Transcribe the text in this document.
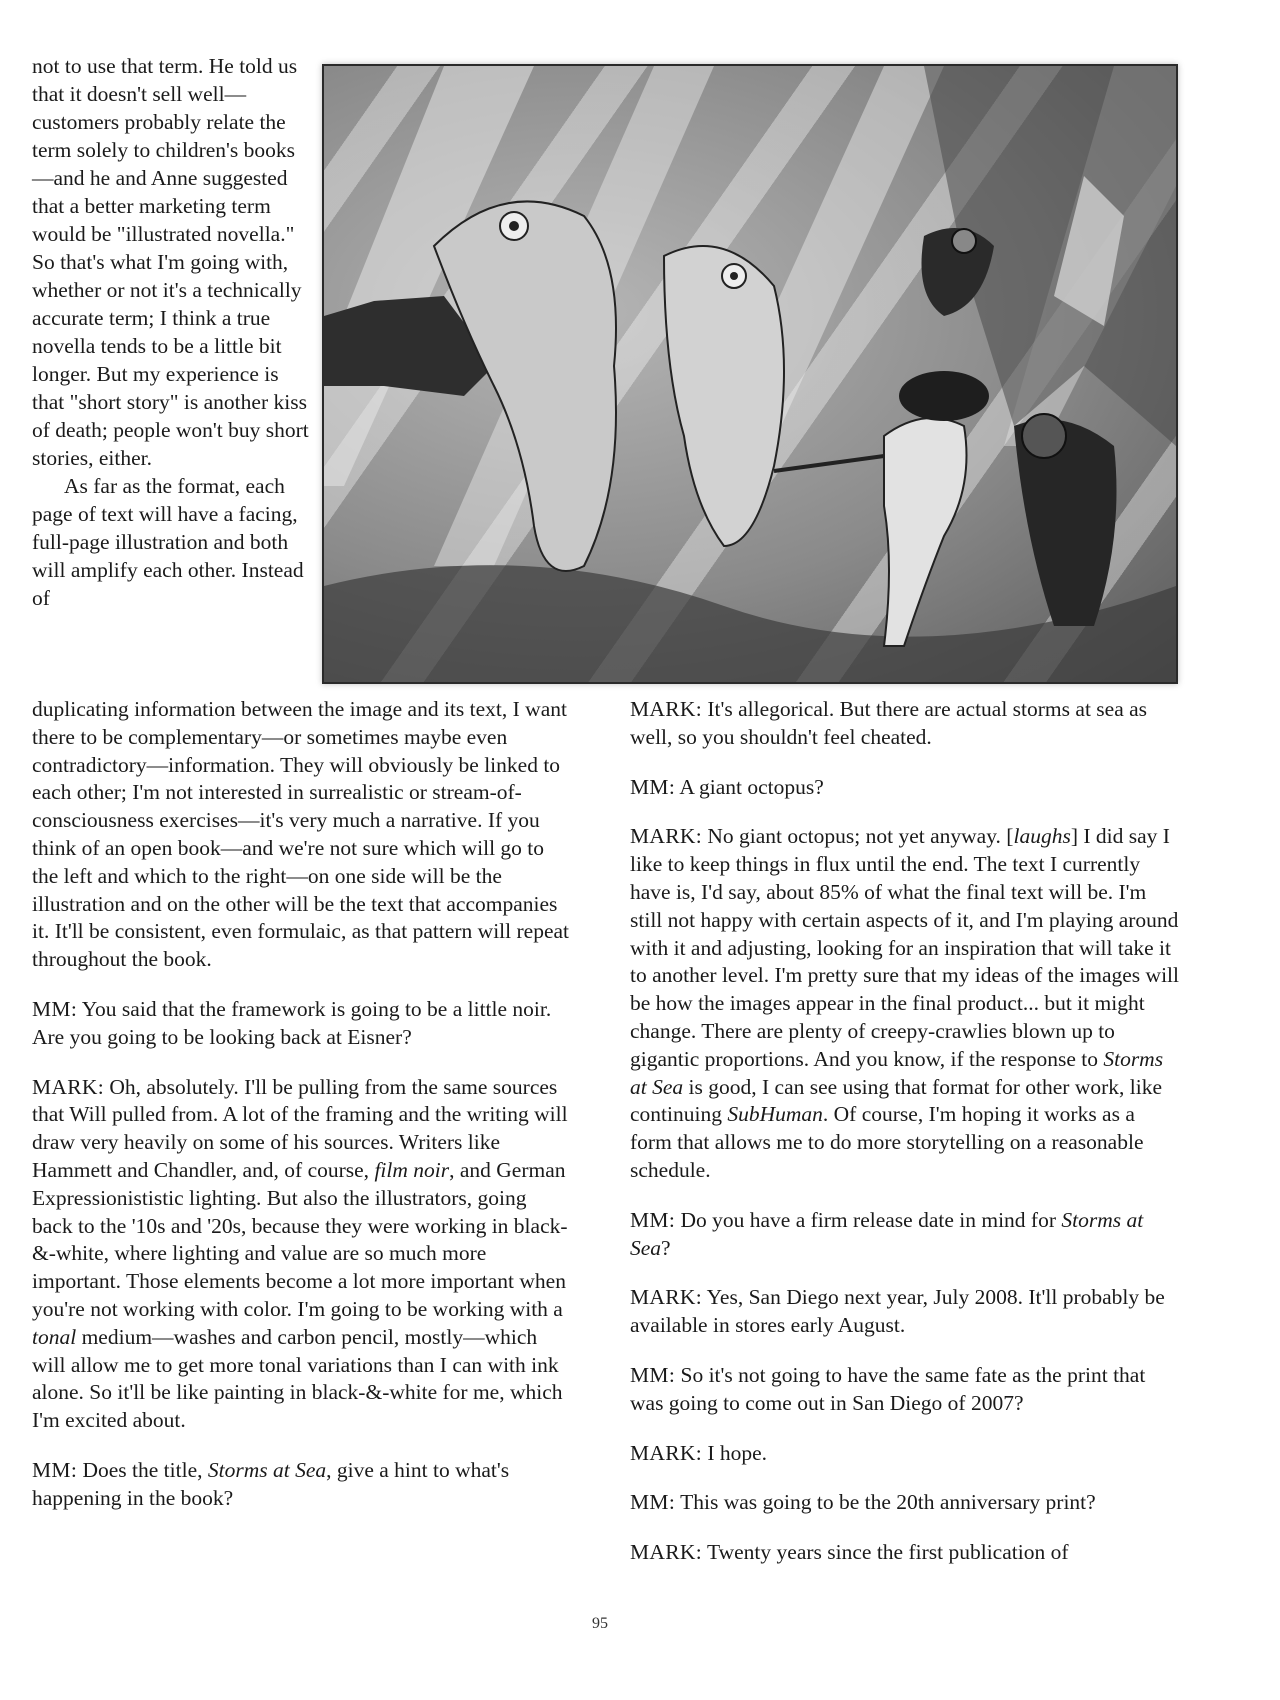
not to use that term. He told us that it doesn't sell well—customers probably relate the term solely to children's books—and he and Anne suggested that a better marketing term would be "illustrated novella." So that's what I'm going with, whether or not it's a technically accurate term; I think a true novella tends to be a little bit longer. But my experience is that "short story" is another kiss of death; people won't buy short stories, either.

As far as the format, each page of text will have a facing, full-page illustration and both will amplify each other. Instead of

duplicating information between the image and its text, I want there to be complementary—or sometimes maybe even contradictory—information. They will obviously be linked to each other; I'm not interested in surrealistic or stream-of-consciousness exercises—it's very much a narrative. If you think of an open book—and we're not sure which will go to the left and which to the right—on one side will be the illustration and on the other will be the text that accompanies it. It'll be consistent, even formulaic, as that pattern will repeat throughout the book.

MM: You said that the framework is going to be a little noir. Are you going to be looking back at Eisner?

MARK: Oh, absolutely. I'll be pulling from the same sources that Will pulled from. A lot of the framing and the writing will draw very heavily on some of his sources. Writers like Hammett and Chandler, and, of course, film noir, and German Expressionististic lighting. But also the illustrators, going back to the '10s and '20s, because they were working in black-&-white, where lighting and value are so much more important. Those elements become a lot more important when you're not working with color. I'm going to be working with a tonal medium—washes and carbon pencil, mostly—which will allow me to get more tonal variations than I can with ink alone. So it'll be like painting in black-&-white for me, which I'm excited about.

MM: Does the title, Storms at Sea, give a hint to what's happening in the book?

MARK: It's allegorical. But there are actual storms at sea as well, so you shouldn't feel cheated.

MM: A giant octopus?

MARK: No giant octopus; not yet anyway. [laughs] I did say I like to keep things in flux until the end. The text I currently have is, I'd say, about 85% of what the final text will be. I'm still not happy with certain aspects of it, and I'm playing around with it and adjusting, looking for an inspiration that will take it to another level. I'm pretty sure that my ideas of the images will be how the images appear in the final product... but it might change. There are plenty of creepy-crawlies blown up to gigantic proportions. And you know, if the response to Storms at Sea is good, I can see using that format for other work, like continuing SubHuman. Of course, I'm hoping it works as a form that allows me to do more storytelling on a reasonable schedule.

MM: Do you have a firm release date in mind for Storms at Sea?

MARK: Yes, San Diego next year, July 2008. It'll probably be available in stores early August.

MM: So it's not going to have the same fate as the print that was going to come out in San Diego of 2007?

MARK: I hope.

MM: This was going to be the 20th anniversary print?

MARK: Twenty years since the first publication of

95
